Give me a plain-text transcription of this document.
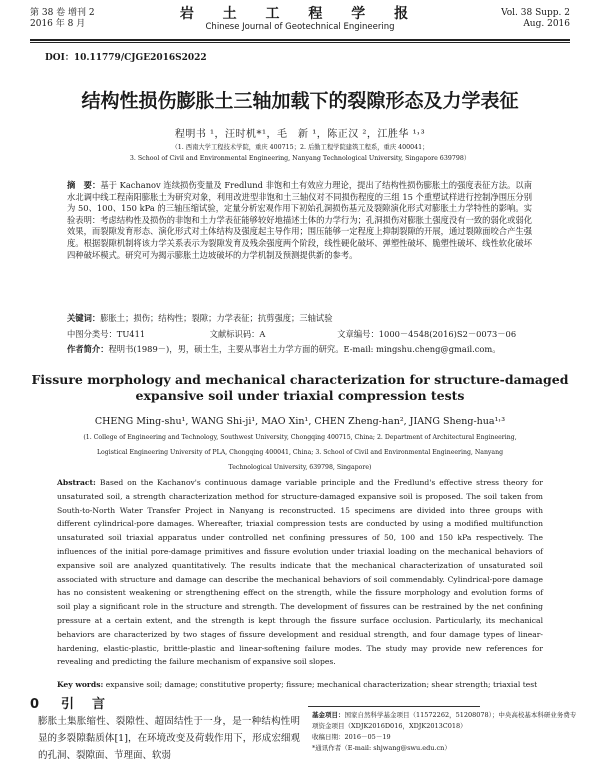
第 38 卷 增刊 2
2016 年 8 月
岩 土 工 程 学 报
Chinese Journal of Geotechnical Engineering
Vol. 38 Supp. 2
Aug. 2016
DOI：10.11779/CJGE2016S2022
结构性损伤膨胀土三轴加载下的裂隙形态及力学表征
程明书 ¹，汪时机*¹，毛　新 ¹，陈正汉 ²，江胜华 ¹˒³
（1. 西南大学工程技术学院，重庆 400715；2. 后勤工程学院建筑工程系，重庆 400041；
3. School of Civil and Environmental Engineering, Nanyang Technological University, Singapore 639798）
摘　要：基于 Kachanov 连续损伤变量及 Fredlund 非饱和土有效应力理论，提出了结构性损伤膨胀土的强度表征方法。以南水北调中线工程南阳膨胀土为研究对象，利用改进型非饱和土三轴仪对不同损伤程度的三组 15 个重塑试样进行控制净围压分别为 50、100、150 kPa 的三轴压缩试验，定量分析宏观作用下初始孔洞损伤基元及裂隙演化形式对膨胀土力学特性的影响。实验表明：考虑结构性及损伤的非饱和土力学表征能够较好地描述土体的力学行为；孔洞损伤对膨胀土强度没有一致的弱化或弱化效果，而裂隙发育形态、演化形式对土体结构及强度起主导作用；围压能够一定程度上抑制裂隙的开展，通过裂隙面咬合产生强度。根据裂隙机制将该力学关系表示为裂隙发育及残余强度两个阶段，线性硬化破坏、弹塑性破坏、脆塑性破坏、线性软化破坏四种破坏模式。研究可为揭示膨胀土边坡破坏的力学机制及预测提供新的参考。
关键词：膨胀土；损伤；结构性；裂隙；力学表征；抗剪强度；三轴试验
中图分类号：TU411	文献标识码：A	文章编号：1000－4548(2016)S2－0073－06
作者简介：程明书(1989－)，男，硕士生，主要从事岩土力学方面的研究。E-mail: mingshu.cheng@gmail.com。
Fissure morphology and mechanical characterization for structure-damaged expansive soil under triaxial compression tests
CHENG Ming-shu¹, WANG Shi-ji¹, MAO Xin¹, CHEN Zheng-han², JIANG Sheng-hua¹˒³
(1. College of Engineering and Technology, Southwest University, Chongqing 400715, China; 2. Department of Architectural Engineering,
Logistical Engineering University of PLA, Chongqing 400041, China; 3. School of Civil and Environmental Engineering, Nanyang
Technological University, 639798, Singapore)
Abstract: Based on the Kachanov's continuous damage variable principle and the Fredlund's effective stress theory for unsaturated soil, a strength characterization method for structure-damaged expansive soil is proposed. The soil taken from South-to-North Water Transfer Project in Nanyang is reconstructed. 15 specimens are divided into three groups with different cylindrical-pore damages. Whereafter, triaxial compression tests are conducted by using a modified multifunction unsaturated soil triaxial apparatus under controlled net confining pressures of 50, 100 and 150 kPa respectively. The influences of the initial pore-damage primitives and fissure evolution under triaxial loading on the mechanical behaviors of expansive soil are analyzed quantitatively. The results indicate that the mechanical characterization of unsaturated soil associated with structure and damage can describe the mechanical behaviors of soil commendably. Cylindrical-pore damage has no consistent weakening or strengthening effect on the strength, while the fissure morphology and evolution forms of soil play a significant role in the structure and strength. The development of fissures can be restrained by the net confining pressure at a certain extent, and the strength is kept through the fissure surface occlusion. Particularly, its mechanical behaviors are characterized by two stages of fissure development and residual strength, and four damage types of linear-hardening, elastic-plastic, brittle-plastic and linear-softening failure modes. The study may provide new references for revealing and predicting the failure mechanism of expansive soil slopes.
Key words: expansive soil; damage; constitutive property; fissure; mechanical characterization; shear strength; triaxial test
0 引言
膨胀土集胀缩性、裂隙性、超固结性于一身，是一种结构性明显的多裂隙黏质体[1]，在环境改变及荷载作用下，形成宏细观的孔洞、裂隙面、节理面、软弱
基金项目：国家自然科学基金项目（11572262，51208078）；中央高校基本科研业务费专项资金项目（XDJK2016D016，XDJK2013C018）
收稿日期：2016－05－19
*通讯作者（E-mail: shjwang@swu.edu.cn）
